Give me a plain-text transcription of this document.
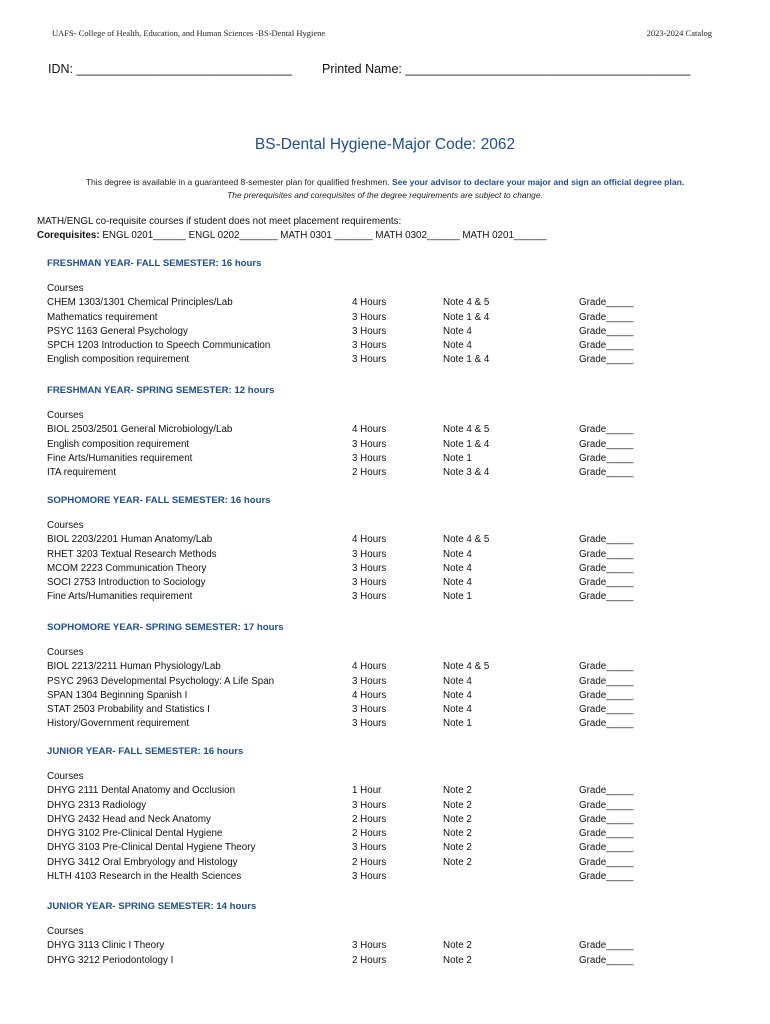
UAFS- College of Health, Education, and Human Sciences -BS-Dental Hygiene	2023-2024 Catalog
IDN: _______________________________ Printed Name: _________________________________________
BS-Dental Hygiene-Major Code: 2062
This degree is available in a guaranteed 8-semester plan for qualified freshmen. See your advisor to declare your major and sign an official degree plan.
The prerequisites and corequisites of the degree requirements are subject to change.
MATH/ENGL co-requisite courses if student does not meet placement requirements:
Corequisites: ENGL 0201______ ENGL 0202_______ MATH 0301 _______ MATH 0302______ MATH 0201______
FRESHMAN YEAR- FALL SEMESTER: 16 hours
Courses
CHEM 1303/1301 Chemical Principles/Lab	4 Hours	Note 4 & 5	Grade_____
Mathematics requirement	3 Hours	Note 1 & 4	Grade_____
PSYC 1163 General Psychology	3 Hours	Note 4	Grade_____
SPCH 1203 Introduction to Speech Communication	3 Hours	Note 4	Grade_____
English composition requirement	3 Hours	Note 1 & 4	Grade_____
FRESHMAN YEAR- SPRING SEMESTER: 12 hours
Courses
BIOL 2503/2501 General Microbiology/Lab	4 Hours	Note 4 & 5	Grade_____
English composition requirement	3 Hours	Note 1 & 4	Grade_____
Fine Arts/Humanities requirement	3 Hours	Note 1	Grade_____
ITA requirement	2 Hours	Note 3 & 4	Grade_____
SOPHOMORE YEAR- FALL SEMESTER: 16 hours
Courses
BIOL 2203/2201 Human Anatomy/Lab	4 Hours	Note 4 & 5	Grade_____
RHET 3203 Textual Research Methods	3 Hours	Note 4	Grade_____
MCOM 2223 Communication Theory	3 Hours	Note 4	Grade_____
SOCI 2753 Introduction to Sociology	3 Hours	Note 4	Grade_____
Fine Arts/Humanities requirement	3 Hours	Note 1	Grade_____
SOPHOMORE YEAR- SPRING SEMESTER: 17 hours
Courses
BIOL 2213/2211 Human Physiology/Lab	4 Hours	Note 4 & 5	Grade_____
PSYC 2963 Developmental Psychology: A Life Span	3 Hours	Note 4	Grade_____
SPAN 1304 Beginning Spanish I	4 Hours	Note 4	Grade_____
STAT 2503 Probability and Statistics I	3 Hours	Note 4	Grade_____
History/Government requirement	3 Hours	Note 1	Grade_____
JUNIOR YEAR- FALL SEMESTER: 16 hours
Courses
DHYG 2111 Dental Anatomy and Occlusion	1 Hour	Note 2	Grade_____
DHYG 2313 Radiology	3 Hours	Note 2	Grade_____
DHYG 2432 Head and Neck Anatomy	2 Hours	Note 2	Grade_____
DHYG 3102 Pre-Clinical Dental Hygiene	2 Hours	Note 2	Grade_____
DHYG 3103 Pre-Clinical Dental Hygiene Theory	3 Hours	Note 2	Grade_____
DHYG 3412 Oral Embryology and Histology	2 Hours	Note 2	Grade_____
HLTH 4103 Research in the Health Sciences	3 Hours	Grade_____
JUNIOR YEAR- SPRING SEMESTER: 14 hours
Courses
DHYG 3113 Clinic I Theory	3 Hours	Note 2	Grade_____
DHYG 3212 Periodontology I	2 Hours	Note 2	Grade_____
